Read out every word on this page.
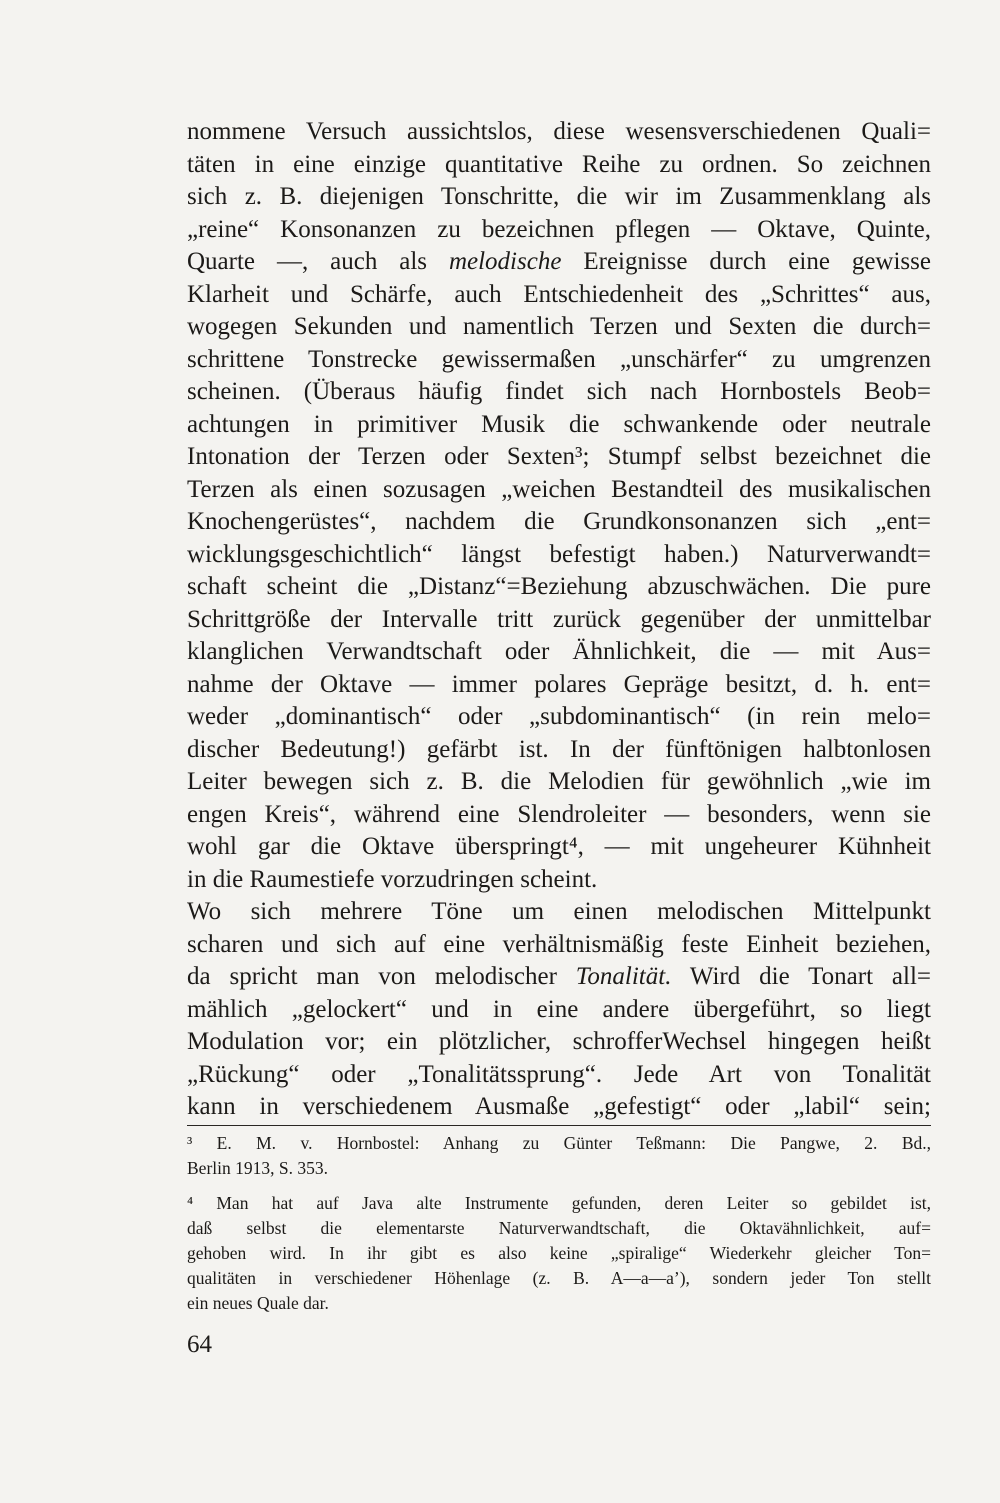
nommene Versuch aussichtslos, diese wesensverschiedenen Quali=
täten in eine einzige quantitative Reihe zu ordnen. So zeichnen
sich z. B. diejenigen Tonschritte, die wir im Zusammenklang als
„reine“ Konsonanzen zu bezeichnen pflegen — Oktave, Quinte,
Quarte —, auch als melodische Ereignisse durch eine gewisse
Klarheit und Schärfe, auch Entschiedenheit des „Schrittes“ aus,
wogegen Sekunden und namentlich Terzen und Sexten die durch=
schrittene Tonstrecke gewissermaßen „unschärfer“ zu umgrenzen
scheinen. (Überaus häufig findet sich nach Hornbostels Beob=
achtungen in primitiver Musik die schwankende oder neutrale
Intonation der Terzen oder Sexten³; Stumpf selbst bezeichnet die
Terzen als einen sozusagen „weichen Bestandteil des musikalischen
Knochengerüstes“, nachdem die Grundkonsonanzen sich „ent=
wicklungsgeschichtlich“ längst befestigt haben.) Naturverwandt=
schaft scheint die „Distanz“=Beziehung abzuschwächen. Die pure
Schrittgröße der Intervalle tritt zurück gegenüber der unmittelbar
klanglichen Verwandtschaft oder Ähnlichkeit, die — mit Aus=
nahme der Oktave — immer polares Gepräge besitzt, d. h. ent=
weder „dominantisch“ oder „subdominantisch“ (in rein melo=
discher Bedeutung!) gefärbt ist. In der fünftönigen halbtonlosen
Leiter bewegen sich z. B. die Melodien für gewöhnlich „wie im
engen Kreis“, während eine Slendroleiter — besonders, wenn sie
wohl gar die Oktave überspringt⁴, — mit ungeheurer Kühnheit
in die Raumestiefe vorzudringen scheint.
Wo sich mehrere Töne um einen melodischen Mittelpunkt
scharen und sich auf eine verhältnismäßig feste Einheit beziehen,
da spricht man von melodischer Tonalität. Wird die Tonart all=
mählich „gelockert“ und in eine andere übergeführt, so liegt
Modulation vor; ein plötzlicher, schrofferWechsel hingegen heißt
„Rückung“ oder „Tonalitätssprung“. Jede Art von Tonalität
kann in verschiedenem Ausmaße „gefestigt“ oder „labil“ sein;
³ E. M. v. Hornbostel: Anhang zu Günter Teßmann: Die Pangwe, 2. Bd.,
Berlin 1913, S. 353.
⁴ Man hat auf Java alte Instrumente gefunden, deren Leiter so gebildet ist,
daß selbst die elementarste Naturverwandtschaft, die Oktavähnlichkeit, auf=
gehoben wird. In ihr gibt es also keine „spiralige“ Wiederkehr gleicher Ton=
qualitäten in verschiedener Höhenlage (z. B. A—a—a’), sondern jeder Ton stellt
ein neues Quale dar.
64
